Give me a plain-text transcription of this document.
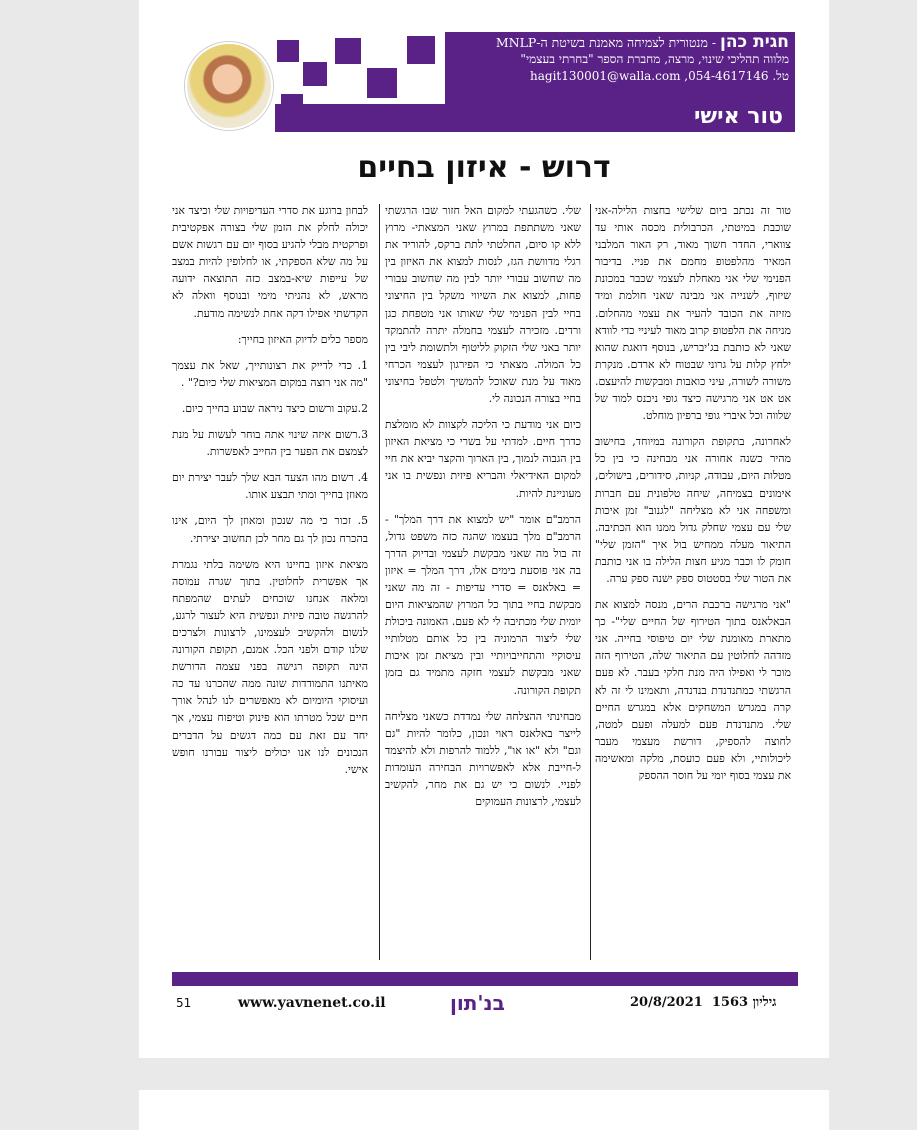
חגית כהן - מנטורית לצמיחה מאמנת בשיטת ה-MNLP
מלווה תהליכי שינוי, מרצה, מחברת הספר "בחרתי בעצמי"
טל. 054-4617146, hagit130001@walla.com
טור אישי
דרוש - איזון בחיים

טור זה נכתב ביום שלישי בחצות הלילה-אני שוכבת במיטתי, הכרבולית מכסה אותי עד צווארי, החדר חשוך מאוד, רק האור המלבני המאיר מהלפטופ מחמם את פניי. בדיבור הפנימי שלי אני מאחלת לעצמי שכבר במכונת שיזוף, לשנייה אני מבינה שאני חולמת ומיד מזיזה את הכובד להעיר את עצמי מהחלום. מניחה את הלפטופ קרוב מאוד לעיניי כדי לוודא שאני לא כותבת בג'יבריש, בנוסף דואגת שהוא ילחץ קלות על גרוני שבטוח לא ארדם. מנקרת משורה לשורה, עיני כואבות ומבקשות להיעצם. אט אט אני מרגישה כיצד גופי ניכנס למוד של שלווה וכל איברי גופי ברפיון מוחלט.

לאחרונה, בתקופת הקורונה במיוחד, בחישוב מהיר כשנה אחורה אני מבחינה כי בין כל מטלות היום, עבודה, קניות, סידורים, בישולים, אימונים בצמיחה, שיחה טלפונית עם חברות ומשפחה אני לא מצליחה "לגנוב" זמן איכות שלי עם עצמי שחלק גדול ממנו הוא הכתיבה. התיאור מעלה ממחיש בול איך "הזמן שלי" חומק לו וכבר מגיע חצות הלילה בו אני כותבת את הטור שלי בסטטוס ספק ישנה ספק ערה.

"אני מרגישה ברכבת הרים, מנסה למצוא את הבאלאנס בתוך הטירוף של החיים שלי"- כך מתארת מאומנת שלי יום טיפוסי בחייה. אני מזדהה לחלוטין עם התיאור שלה, הטירוף הזה מוכר לי ואפילו היה מנת חלקי בעבר. לא פעם הרגשתי כמתנדנדת בנדנדה, ותאמינו לי זה לא קרה במגרש המשחקים אלא במגרש החיים שלי. מתנדנדת פעם למעלה ופעם למטה, לחוצה להספיק, דורשת מעצמי מעבר ליכולותיי, ולא פעם כועסת, מלקה ומאשימה את עצמי בסוף יומי על חוסר ההספק

שלי. כשהגעתי למקום האל חזור שבו הרגשתי שאני משתתפת במרוץ שאני המצאתי- מרוץ ללא קו סיום, החלטתי לתת ברקס, להוריד את רגלי מדוושת הגז, לנסות למצוא את האיזון בין מה שחשוב עבורי יותר לבין מה שחשוב עבורי פחות, למצוא את השיווי משקל בין החיצוני בחיי לבין הפנימי שלי שאותו אני מטפחת כגן ורדים. מזכירה לעצמי בחמלה יתרה להתמקד יותר באני שלי הזקוק לליטוף ולתשומת ליבי בין כל המולה. מצאתי כי הפירגון לעצמי הכרחי מאוד על מנת שאוכל להמשיך ולטפל בחיצוני בחיי בצורה הנכונה לי.

כיום אני מודעת כי הליכה לקצוות לא מומלצת כדרך חיים. למדתי על בשרי כי מציאת האיזון בין הגבוה לנמוך, בין הארוך והקצר יביא את חיי למקום האידיאלי והבריא פיזית ונפשית בו אני מעוניינת להיות.

הרמב"ם אומר "יש למצוא את דרך המלך" - הרמב"ם מלך בעצמו שהגה כזה משפט גדול, זה בול מה שאני מבקשת לעצמי ובדיוק הדרך בה אני פוסעת בימים אלו, דרך המלך = איזון = באלאנס = סדרי עדיפות - זה מה שאני מבקשת בחיי בתוך כל המרוץ שהמציאות היום יומית שלי מכתיבה לי לא פעם. האמונה ביכולת שלי ליצור הרמוניה בין כל אותם מטלותיי עיסוקיי והתחייבויותיי ובין מציאת זמן איכות שאני מבקשת לעצמי חזקה מתמיד גם בזמן תקופת הקורונה.

מבחינתי ההצלחה שלי נמדדת כשאני מצליחה לייצר באלאנס ראוי ונכון, כלומר להיות "גם וגם" ולא "או או", ללמוד להרפות ולא להיצמד ל-חייבת אלא לאפשרויות הבחירה העומדות לפניי. לנשום כי יש גם את מחר, להקשיב לעצמי, לרצונות העמוקים

לבחון ברוגע את סדרי העדיפויות שלי וכיצד אני יכולה לחלק את הזמן שלי בצורה אפקטיבית ופרקטית מבלי להגיע בסוף יום עם רגשות אשם על מה שלא הספקתי, או לחלופין להיות במצב של עייפות שיא-במצב כזה התוצאה ידועה מראש, לא נהניתי מימי ובנוסף וואלה לא הקדשתי אפילו דקה אחת לנשימה מודעת.

מספר כלים לדיוק האיזון בחייך:

1. כדי לדייק את רצונותייך, שאל את עצמך "מה אני רוצה במקום המציאות שלי כיום?" .

2.עקוב ורשום כיצד ניראה שבוע בחייך כיום.

3.רשום איזה שינוי אתה בוחר לעשות על מנת לצמצם את הפער בין החייב לאפשרות.

4. רשום מהו הצעד הבא שלך לעבר יצירת יום מאוזן בחייך ומתי תבצע אותו.

5. זכור כי מה שנכון ומאוזן לך היום, אינו בהכרח נכון לך גם מחר לכן תחשוב יצירתי.

מציאת איזון בחיינו היא משימה בלתי נגמרת אך אפשרית לחלוטין. בתוך שגרה עמוסה ומלאה אנחנו שוכחים לעתים שהמפתח להרגשה טובה פיזית ונפשית היא לעצור לרגע, לנשום ולהקשיב לעצמינו, לרצונות ולצרכים שלנו קודם ולפני הכל. אמנם, תקופת הקורונה הינה תקופה רגישה בפני עצמה הדורשת מאיתנו התמודדות שונה ממה שהכרנו עד כה ועיסוקי היומיום לא מאפשרים לנו לנהל אורך חיים שכל מטרתו הוא פינוק וטיפוח עצמי, אך יחד עם זאת עם כמה דגשים על הדברים הנכונים לנו אנו יכולים ליצור עבורנו חופש אישי.

51	www.yavnenet.co.il	בנ'תון	גיליון 1563  20/8/2021
